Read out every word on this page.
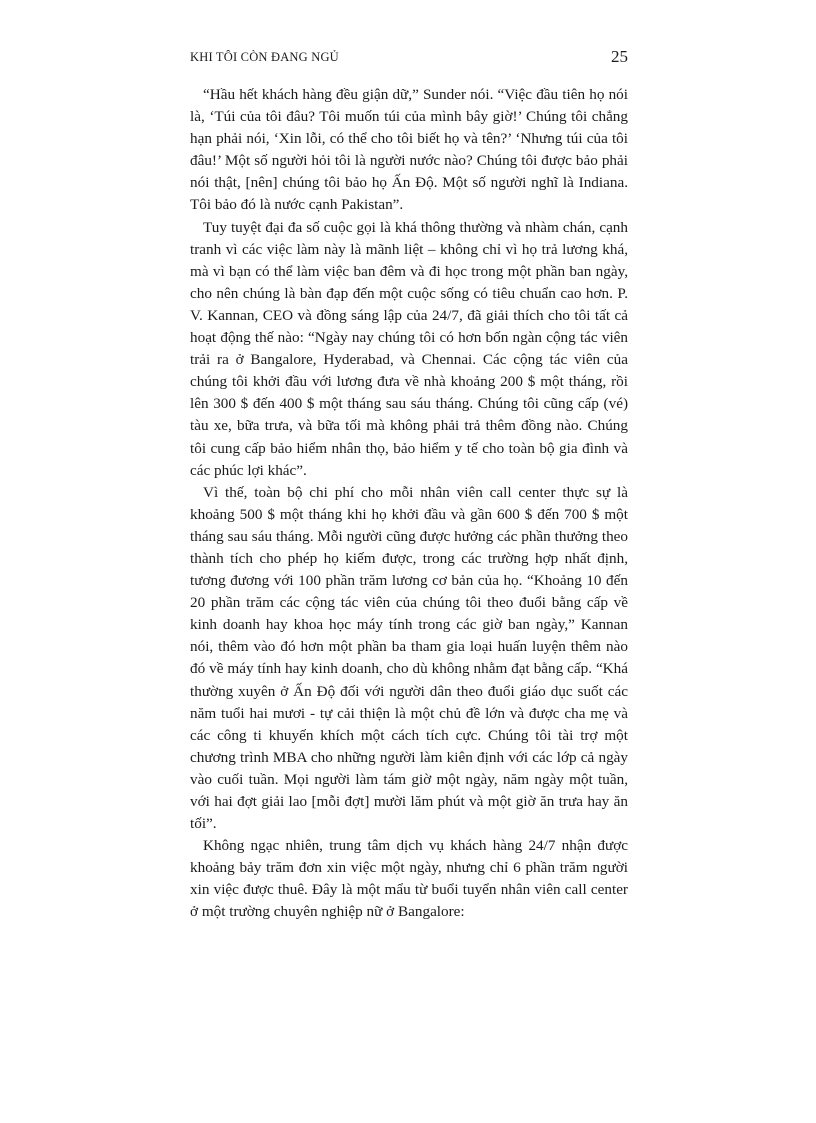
KHI TÔI CÒN ĐANG NGỦ	25

“Hầu hết khách hàng đều giận dữ,” Sunder nói. “Việc đầu tiên họ nói là, ‘Túi của tôi đâu? Tôi muốn túi của mình bây giờ!’ Chúng tôi chẳng hạn phải nói, ‘Xin lỗi, có thể cho tôi biết họ và tên?’ ‘Nhưng túi của tôi đâu!’ Một số người hỏi tôi là người nước nào? Chúng tôi được bảo phải nói thật, [nên] chúng tôi bảo họ Ấn Độ. Một số người nghĩ là Indiana. Tôi bảo đó là nước cạnh Pakistan”.

Tuy tuyệt đại đa số cuộc gọi là khá thông thường và nhàm chán, cạnh tranh vì các việc làm này là mãnh liệt – không chỉ vì họ trả lương khá, mà vì bạn có thể làm việc ban đêm và đi học trong một phần ban ngày, cho nên chúng là bàn đạp đến một cuộc sống có tiêu chuẩn cao hơn. P. V. Kannan, CEO và đồng sáng lập của 24/7, đã giải thích cho tôi tất cả hoạt động thế nào: “Ngày nay chúng tôi có hơn bốn ngàn cộng tác viên trải ra ở Bangalore, Hyderabad, và Chennai. Các cộng tác viên của chúng tôi khởi đầu với lương đưa về nhà khoảng 200 $ một tháng, rồi lên 300 $ đến 400 $ một tháng sau sáu tháng. Chúng tôi cũng cấp (vé) tàu xe, bữa trưa, và bữa tối mà không phải trả thêm đồng nào. Chúng tôi cung cấp bảo hiểm nhân thọ, bảo hiểm y tế cho toàn bộ gia đình và các phúc lợi khác”.

Vì thế, toàn bộ chi phí cho mỗi nhân viên call center thực sự là khoảng 500 $ một tháng khi họ khởi đầu và gần 600 $ đến 700 $ một tháng sau sáu tháng. Mỗi người cũng được hưởng các phần thưởng theo thành tích cho phép họ kiếm được, trong các trường hợp nhất định, tương đương với 100 phần trăm lương cơ bản của họ. “Khoảng 10 đến 20 phần trăm các cộng tác viên của chúng tôi theo đuổi bằng cấp về kinh doanh hay khoa học máy tính trong các giờ ban ngày,” Kannan nói, thêm vào đó hơn một phần ba tham gia loại huấn luyện thêm nào đó về máy tính hay kinh doanh, cho dù không nhằm đạt bằng cấp. “Khá thường xuyên ở Ấn Độ đối với người dân theo đuổi giáo dục suốt các năm tuổi hai mươi - tự cải thiện là một chủ đề lớn và được cha mẹ và các công ti khuyến khích một cách tích cực. Chúng tôi tài trợ một chương trình MBA cho những người làm kiên định với các lớp cả ngày vào cuối tuần. Mọi người làm tám giờ một ngày, năm ngày một tuần, với hai đợt giải lao [mỗi đợt] mười lăm phút và một giờ ăn trưa hay ăn tối”.

Không ngạc nhiên, trung tâm dịch vụ khách hàng 24/7 nhận được khoảng bảy trăm đơn xin việc một ngày, nhưng chỉ 6 phần trăm người xin việc được thuê. Đây là một mẩu từ buổi tuyển nhân viên call center ở một trường chuyên nghiệp nữ ở Bangalore:
